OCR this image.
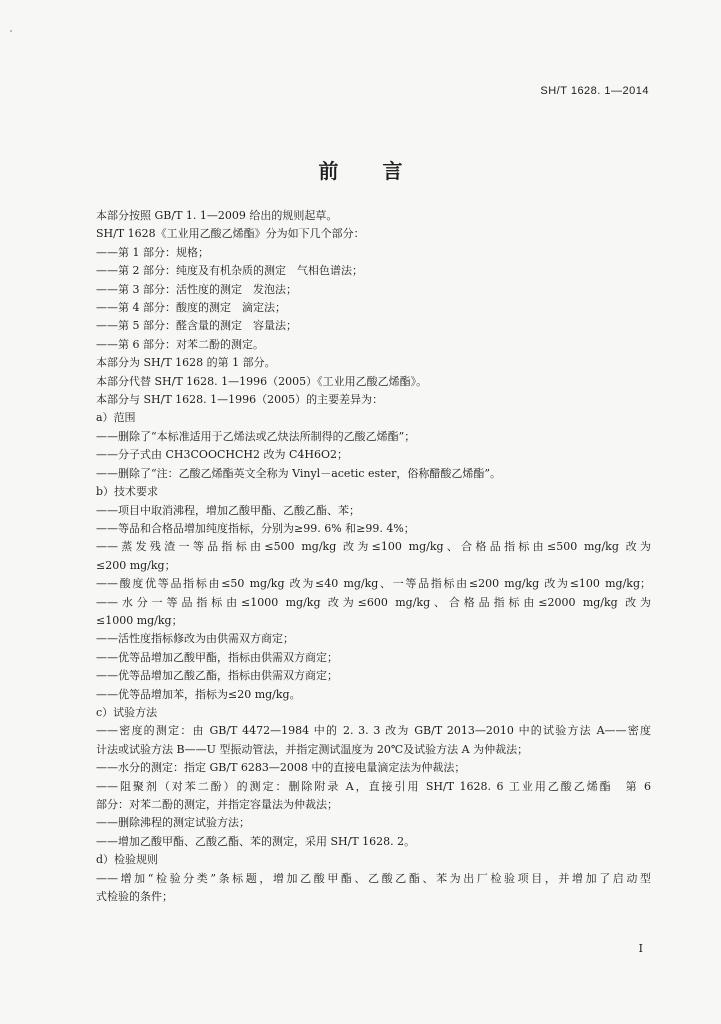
SH/T 1628. 1—2014
前言
本部分按照 GB/T 1. 1—2009 给出的规则起草。
SH/T 1628《工业用乙酸乙烯酯》分为如下几个部分：
——第 1 部分：规格；
——第 2 部分：纯度及有机杂质的测定　气相色谱法；
——第 3 部分：活性度的测定　发泡法；
——第 4 部分：酸度的测定　滴定法；
——第 5 部分：醛含量的测定　容量法；
——第 6 部分：对苯二酚的测定。
本部分为 SH/T 1628 的第 1 部分。
本部分代替 SH/T 1628. 1—1996（2005）《工业用乙酸乙烯酯》。
本部分与 SH/T 1628. 1—1996（2005）的主要差异为：
a）范围
——删除了“本标准适用于乙烯法或乙炔法所制得的乙酸乙烯酯”；
——分子式由 CH3COOCHCH2 改为 C4H6O2；
——删除了“注：乙酸乙烯酯英文全称为 Vinyl－acetic ester，俗称醋酸乙烯酯”。
b）技术要求
——项目中取消沸程，增加乙酸甲酯、乙酸乙酯、苯；
——等品和合格品增加纯度指标，分别为≥99. 6% 和≥99. 4%；
——蒸发残渣一等品指标由≤500 mg/kg 改为≤100 mg/kg、合格品指标由≤500 mg/kg 改为
≤200 mg/kg；
——酸度优等品指标由≤50 mg/kg 改为≤40 mg/kg、一等品指标由≤200 mg/kg 改为≤100 mg/kg；
——水分一等品指标由≤1000 mg/kg 改为≤600 mg/kg、合格品指标由≤2000 mg/kg 改为
≤1000 mg/kg；
——活性度指标修改为由供需双方商定；
——优等品增加乙酸甲酯，指标由供需双方商定；
——优等品增加乙酸乙酯，指标由供需双方商定；
——优等品增加苯，指标为≤20 mg/kg。
c）试验方法
——密度的测定：由 GB/T 4472—1984 中的 2. 3. 3 改为 GB/T 2013—2010 中的试验方法 A——密度
计法或试验方法 B——U 型振动管法，并指定测试温度为 20℃及试验方法 A 为仲裁法；
——水分的测定：指定 GB/T 6283—2008 中的直接电量滴定法为仲裁法；
——阻聚剂（对苯二酚）的测定：删除附录 A，直接引用 SH/T 1628. 6 工业用乙酸乙烯酯　第 6
部分：对苯二酚的测定，并指定容量法为仲裁法；
——删除沸程的测定试验方法；
——增加乙酸甲酯、乙酸乙酯、苯的测定，采用 SH/T 1628. 2。
d）检验规则
——增加“检验分类”条标题，增加乙酸甲酯、乙酸乙酯、苯为出厂检验项目，并增加了启动型
式检验的条件；
I
